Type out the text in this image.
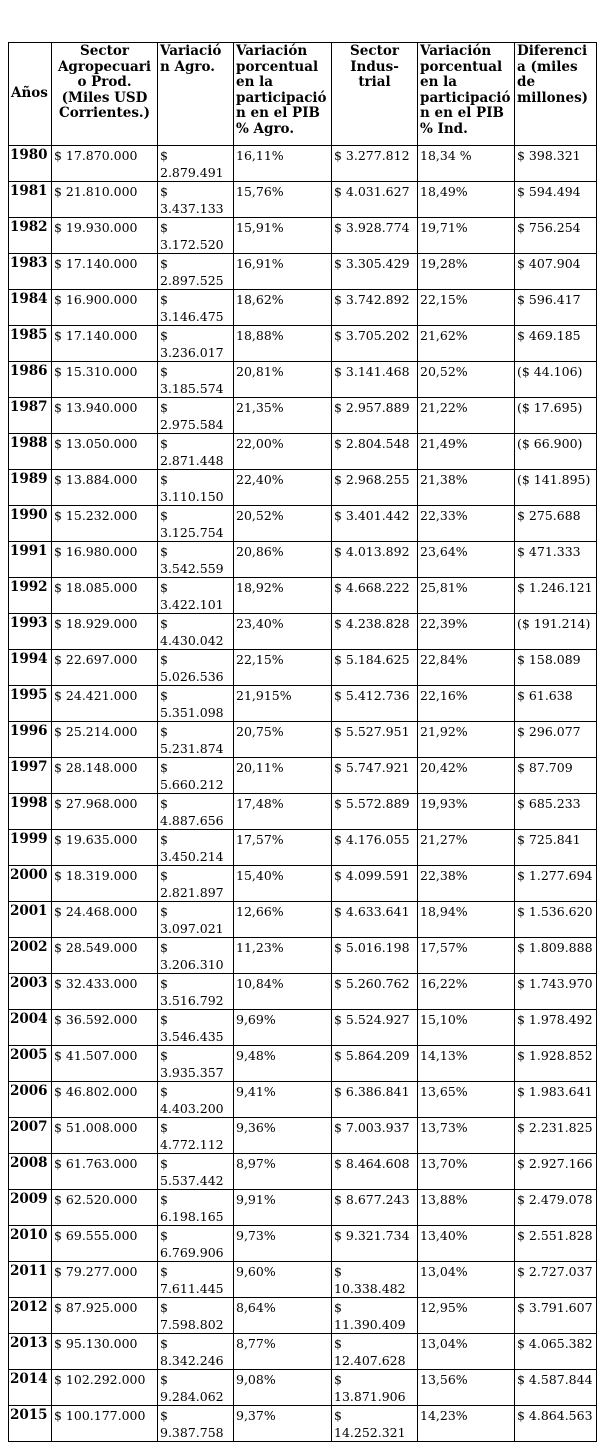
Años	Sector Agropecuario Prod. (Miles USD Corrientes.)	Variación Agro.	Variación porcentual en la participación en el PIB % Agro.	Sector Indus- trial	Variación porcentual en la participación en el PIB % Ind.	Diferencia (miles de millones)
1980	$ 17.870.000	$ 2.879.491	16,11%	$ 3.277.812	18,34 %	$ 398.321
1981	$ 21.810.000	$ 3.437.133	15,76%	$ 4.031.627	18,49%	$ 594.494
1982	$ 19.930.000	$ 3.172.520	15,91%	$ 3.928.774	19,71%	$ 756.254
1983	$ 17.140.000	$ 2.897.525	16,91%	$ 3.305.429	19,28%	$ 407.904
1984	$ 16.900.000	$ 3.146.475	18,62%	$ 3.742.892	22,15%	$ 596.417
1985	$ 17.140.000	$ 3.236.017	18,88%	$ 3.705.202	21,62%	$ 469.185
1986	$ 15.310.000	$ 3.185.574	20,81%	$ 3.141.468	20,52%	($ 44.106)
1987	$ 13.940.000	$ 2.975.584	21,35%	$ 2.957.889	21,22%	($ 17.695)
1988	$ 13.050.000	$ 2.871.448	22,00%	$ 2.804.548	21,49%	($ 66.900)
1989	$ 13.884.000	$ 3.110.150	22,40%	$ 2.968.255	21,38%	($ 141.895)
1990	$ 15.232.000	$ 3.125.754	20,52%	$ 3.401.442	22,33%	$ 275.688
1991	$ 16.980.000	$ 3.542.559	20,86%	$ 4.013.892	23,64%	$ 471.333
1992	$ 18.085.000	$ 3.422.101	18,92%	$ 4.668.222	25,81%	$ 1.246.121
1993	$ 18.929.000	$ 4.430.042	23,40%	$ 4.238.828	22,39%	($ 191.214)
1994	$ 22.697.000	$ 5.026.536	22,15%	$ 5.184.625	22,84%	$ 158.089
1995	$ 24.421.000	$ 5.351.098	21,915%	$ 5.412.736	22,16%	$ 61.638
1996	$ 25.214.000	$ 5.231.874	20,75%	$ 5.527.951	21,92%	$ 296.077
1997	$ 28.148.000	$ 5.660.212	20,11%	$ 5.747.921	20,42%	$ 87.709
1998	$ 27.968.000	$ 4.887.656	17,48%	$ 5.572.889	19,93%	$ 685.233
1999	$ 19.635.000	$ 3.450.214	17,57%	$ 4.176.055	21,27%	$ 725.841
2000	$ 18.319.000	$ 2.821.897	15,40%	$ 4.099.591	22,38%	$ 1.277.694
2001	$ 24.468.000	$ 3.097.021	12,66%	$ 4.633.641	18,94%	$ 1.536.620
2002	$ 28.549.000	$ 3.206.310	11,23%	$ 5.016.198	17,57%	$ 1.809.888
2003	$ 32.433.000	$ 3.516.792	10,84%	$ 5.260.762	16,22%	$ 1.743.970
2004	$ 36.592.000	$ 3.546.435	9,69%	$ 5.524.927	15,10%	$ 1.978.492
2005	$ 41.507.000	$ 3.935.357	9,48%	$ 5.864.209	14,13%	$ 1.928.852
2006	$ 46.802.000	$ 4.403.200	9,41%	$ 6.386.841	13,65%	$ 1.983.641
2007	$ 51.008.000	$ 4.772.112	9,36%	$ 7.003.937	13,73%	$ 2.231.825
2008	$ 61.763.000	$ 5.537.442	8,97%	$ 8.464.608	13,70%	$ 2.927.166
2009	$ 62.520.000	$ 6.198.165	9,91%	$ 8.677.243	13,88%	$ 2.479.078
2010	$ 69.555.000	$ 6.769.906	9,73%	$ 9.321.734	13,40%	$ 2.551.828
2011	$ 79.277.000	$ 7.611.445	9,60%	$ 10.338.482	13,04%	$ 2.727.037
2012	$ 87.925.000	$ 7.598.802	8,64%	$ 11.390.409	12,95%	$ 3.791.607
2013	$ 95.130.000	$ 8.342.246	8,77%	$ 12.407.628	13,04%	$ 4.065.382
2014	$ 102.292.000	$ 9.284.062	9,08%	$ 13.871.906	13,56%	$ 4.587.844
2015	$ 100.177.000	$ 9.387.758	9,37%	$ 14.252.321	14,23%	$ 4.864.563
